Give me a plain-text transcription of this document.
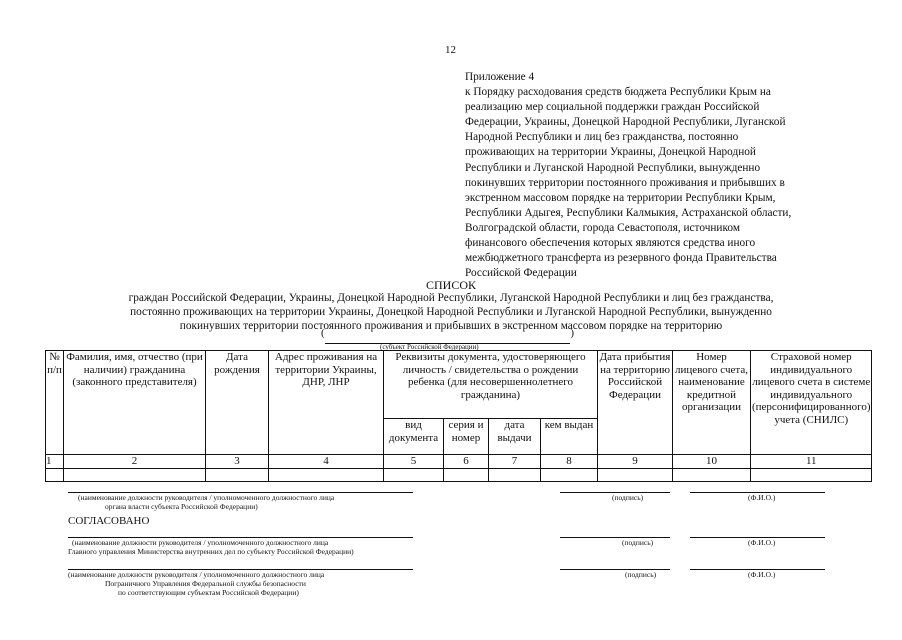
12
Приложение 4
к Порядку расходования средств бюджета Республики Крым на
реализацию мер социальной поддержки граждан Российской
Федерации, Украины, Донецкой Народной Республики, Луганской
Народной Республики и лиц без гражданства, постоянно
проживающих на территории Украины, Донецкой Народной
Республики и Луганской Народной Республики, вынужденно
покинувших территории постоянного проживания и прибывших в
экстренном массовом порядке на территории Республики Крым,
Республики Адыгея, Республики Калмыкия, Астраханской области,
Волгоградской области, города Севастополя, источником
финансового обеспечения которых являются средства иного
межбюджетного трансферта из резервного фонда Правительства
Российской Федерации
СПИСОК
граждан Российской Федерации, Украины, Донецкой Народной Республики, Луганской Народной Республики и лиц без гражданства,
постоянно проживающих на территории Украины, Донецкой Народной Республики и Луганской Народной Республики, вынужденно
покинувших территории постоянного проживания и прибывших в экстренном массовом порядке на территорию
( )
(субъект Российской Федерации)
№ п/п	Фамилия, имя, отчество (при наличии) гражданина (законного представителя)	Дата рождения	Адрес проживания на территории Украины, ДНР, ЛНР	Реквизиты документа, удостоверяющего личность / свидетельства о рождении ребенка (для несовершеннолетнего гражданина)				Дата прибытия на территорию Российской Федерации	Номер лицевого счета, наименование кредитной организации	Страховой номер индивидуального лицевого счета в системе индивидуального (персонифицированного) учета (СНИЛС)
				вид документа	серия и номер	дата выдачи	кем выдан			
1	2	3	4	5	6	7	8	9	10	11

(наименование должности руководителя / уполномоченного должностного лица
органа власти субъекта Российской Федерации)
(подпись)	(Ф.И.О.)
СОГЛАСОВАНО
(наименование должности руководителя / уполномоченного должностного лица
Главного управления Министерства внутренних дел по субъекту Российской Федерации)
(подпись)	(Ф.И.О.)
(наименование должности руководителя / уполномоченного должностного лица
Пограничного Управления Федеральной службы безопасности
по соответствующим субъектам Российской Федерации)
(подпись)	(Ф.И.О.)
